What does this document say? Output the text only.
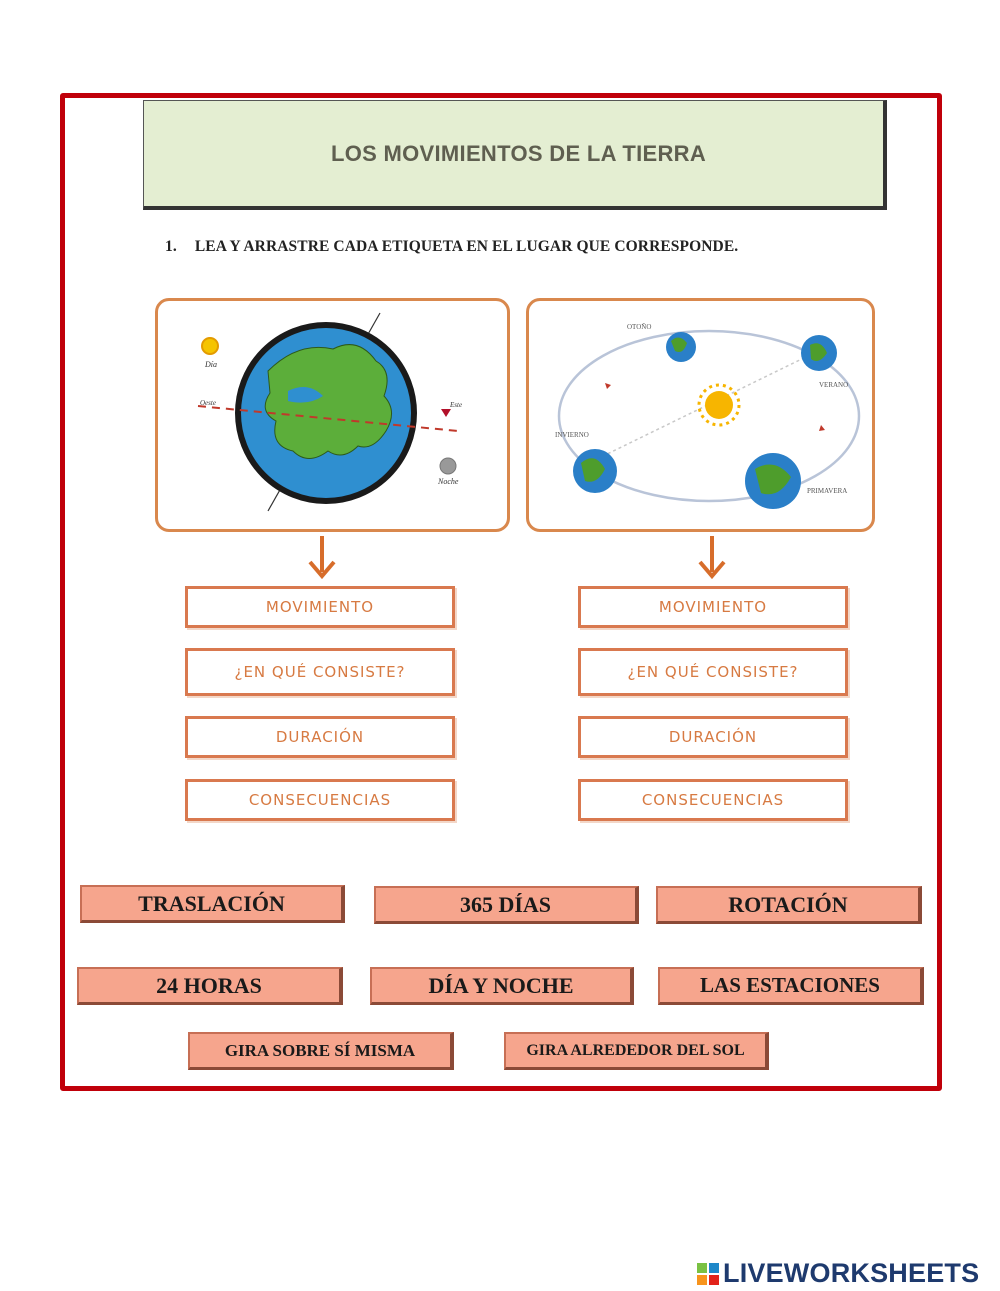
LOS MOVIMIENTOS DE LA TIERRA
1. LEA Y ARRASTRE CADA ETIQUETA EN EL LUGAR QUE CORRESPONDE.
Día
Oeste	Este
Noche
OTOÑO
VERANO
INVIERNO
PRIMAVERA
MOVIMIENTO
¿EN QUÉ CONSISTE?
DURACIÓN
CONSECUENCIAS
MOVIMIENTO
¿EN QUÉ CONSISTE?
DURACIÓN
CONSECUENCIAS
TRASLACIÓN	365 DÍAS	ROTACIÓN
24 HORAS	DÍA Y NOCHE	LAS ESTACIONES
GIRA SOBRE SÍ MISMA	GIRA ALREDEDOR DEL SOL
LIVEWORKSHEETS
